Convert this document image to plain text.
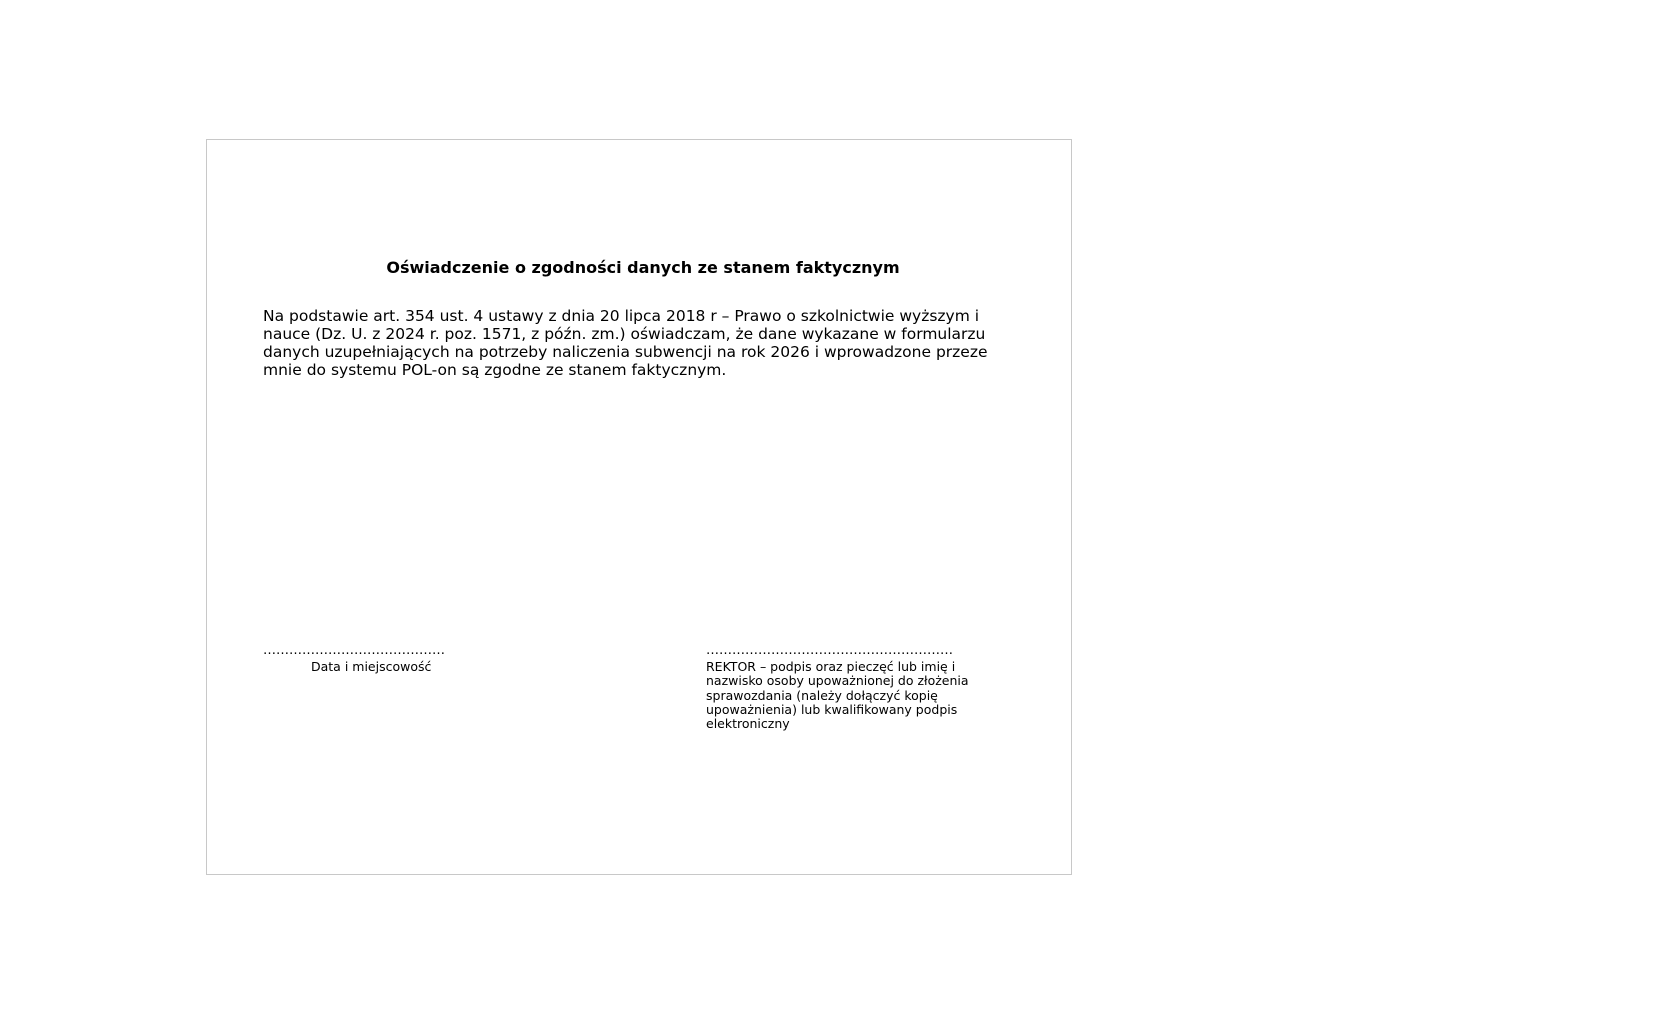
Oświadczenie o zgodności danych ze stanem faktycznym
Na podstawie art. 354 ust. 4 ustawy z dnia 20 lipca 2018 r – Prawo o szkolnictwie wyższym i nauce (Dz. U. z 2024 r. poz. 1571, z późn. zm.) oświadczam, że dane wykazane w formularzu danych uzupełniających na potrzeby naliczenia subwencji na rok 2026 i wprowadzone przeze mnie do systemu POL-on są zgodne ze stanem faktycznym.
……………………………………
Data i miejscowość
…………………………………………………
REKTOR – podpis oraz pieczęć lub imię i nazwisko osoby upoważnionej do złożenia sprawozdania (należy dołączyć kopię upoważnienia) lub kwalifikowany podpis elektroniczny
